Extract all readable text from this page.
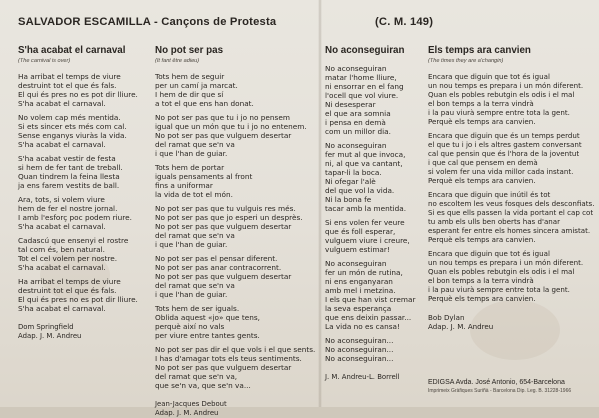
SALVADOR ESCAMILLA - Cançons de Protesta	(C. M. 149)
S'ha acabat el carnaval
(The carnival is over)
Ha arribat el temps de viure
destruint tot el que és fals.
El qui és pres no es pot dir lliure.
S'ha acabat el carnaval.
No volem cap més mentida.
Si ets sincer ets més com cal.
Sense enganys viuràs la vida.
S'ha acabat el carnaval.
S'ha acabat vestir de festa
si hem de fer tant de treball.
Quan tindrem la feina llesta
ja ens farem vestits de ball.
Ara, tots, si volem viure
hem de fer el nostre jornal.
I amb l'esforç poc podem riure.
S'ha acabat el carnaval.
Cadascú que ensenyi el rostre
tal com és, ben natural.
Tot el cel volem per nostre.
S'ha acabat el carnaval.
Ha arribat el temps de viure
destruint tot el que és fals.
El qui és pres no es pot dir lliure.
S'ha acabat el carnaval.
Dom Springfield
Adap. J. M. Andreu
No pot ser pas
(It fant être adieu)
Tots hem de seguir
per un camí ja marcat.
I hem de dir que sí
a tot el que ens han donat.
No pot ser pas que tu i jo no pensem
igual que un món que tu i jo no entenem.
No pot ser pas que vulguem desertar
del ramat que se'n va
i que l'han de guiar.
Tots hem de portar
iguals pensaments al front
fins a uniformar
la vida de tot el món.
No pot ser pas que tu vulguis res més.
No pot ser pas que jo esperi un desprès.
No pot ser pas que vulguem desertar
del ramat que se'n va
i que l'han de guiar.
No pot ser pas el pensar diferent.
No pot ser pas anar contracorrent.
No pot ser pas que vulguem desertar
del ramat que se'n va
i que l'han de guiar.
Tots hem de ser iguals.
Oblida aquest «jo» que tens,
perquè així no vals
per viure entre tantes gents.
No pot ser pas dir el que vols i el que sents.
I has d'amagar tots els teus sentiments.
No pot ser pas que vulguem desertar
del ramat que se'n va,
que se'n va, que se'n va...
Jean-Jacques Debout
Adap. J. M. Andreu
No aconseguiran
No aconseguiran
matar l'home lliure,
ni ensorrar en el fang
l'ocell que vol viure.
Ni desesperar
el que ara somnia
i pensa en demà
com un millor dia.
No aconseguiran
fer mut al que invoca,
ni, al que va cantant,
tapar-li la boca.
Ni ofegar l'alè
del que vol la vida.
Ni la bona fe
tacar amb la mentida.
Si ens volen fer veure
que és foll esperar,
vulguem viure i creure,
vulguem estimar!
No aconseguiran
fer un món de rutina,
ni ens enganyaran
amb mel i metzina.
I els que han vist cremar
la seva esperança
que ens deixin passar...
La vida no es cansa!
No aconseguiran...
No aconseguiran...
No aconseguiran...
J. M. Andreu-L. Borrell
Els temps ara canvien
(The times they are a'changin)
Encara que diguin que tot és igual
un nou temps es prepara i un món diferent.
Quan els pobles rebutgin els odis i el mal
el bon temps a la terra vindrà
i la pau viurà sempre entre tota la gent.
Perquè els temps ara canvien.
Encara que diguin que és un temps perdut
el que tu i jo i els altres gastem conversant
cal que pensin que és l'hora de la joventut
i que cal que pensem en demà
si volem fer una vida millor cada instant.
Perquè els temps ara canvien.
Encara que diguin que inútil és tot
no escoltem les veus fosques dels desconfiats.
Si es que ells passen la vida portant el cap cot
tu amb els ulls ben oberts has d'anar
esperant fer entre els homes sincera amistat.
Perquè els temps ara canvien.
Encara que diguin que tot és igual
un nou temps es prepara i un món diferent.
Quan els pobles rebutgin els odis i el mal
el bon temps a la terra vindrà
i la pau viurà sempre entre tota la gent.
Perquè els temps ara canvien.
Bob Dylan
Adap. J. M. Andreu
EDIGSA Avda. José Antonio, 654-Barcelona
Imprimeix Gràfiques Suriñà - Barcelona Dip. Leg. B. 31228-1966
